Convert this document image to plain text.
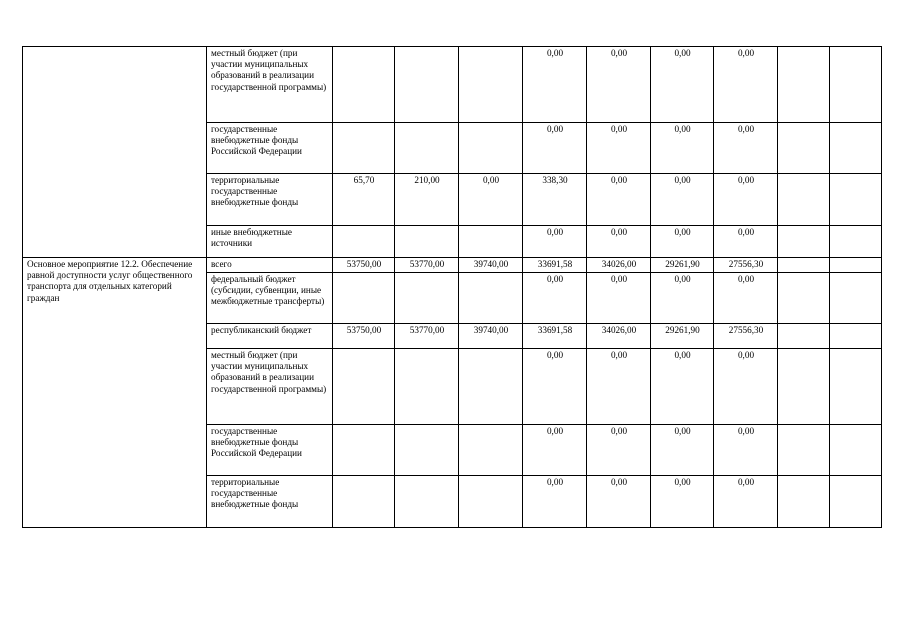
	местный бюджет (при участии муниципальных образований в реализации государственной программы)				0,00	0,00	0,00	0,00		
	государственные внебюджетные фонды Российской Федерации				0,00	0,00	0,00	0,00		
	территориальные государственные внебюджетные фонды	65,70	210,00	0,00	338,30	0,00	0,00	0,00		
	иные внебюджетные источники				0,00	0,00	0,00	0,00		
Основное мероприятие 12.2. Обеспечение равной доступности услуг общественного транспорта для отдельных категорий граждан	всего	53750,00	53770,00	39740,00	33691,58	34026,00	29261,90	27556,30		
	федеральный бюджет (субсидии, субвенции, иные межбюджетные трансферты)				0,00	0,00	0,00	0,00		
	республиканский бюджет	53750,00	53770,00	39740,00	33691,58	34026,00	29261,90	27556,30		
	местный бюджет (при участии муниципальных образований в реализации государственной программы)				0,00	0,00	0,00	0,00		
	государственные внебюджетные фонды Российской Федерации				0,00	0,00	0,00	0,00		
	территориальные государственные внебюджетные фонды				0,00	0,00	0,00	0,00		
